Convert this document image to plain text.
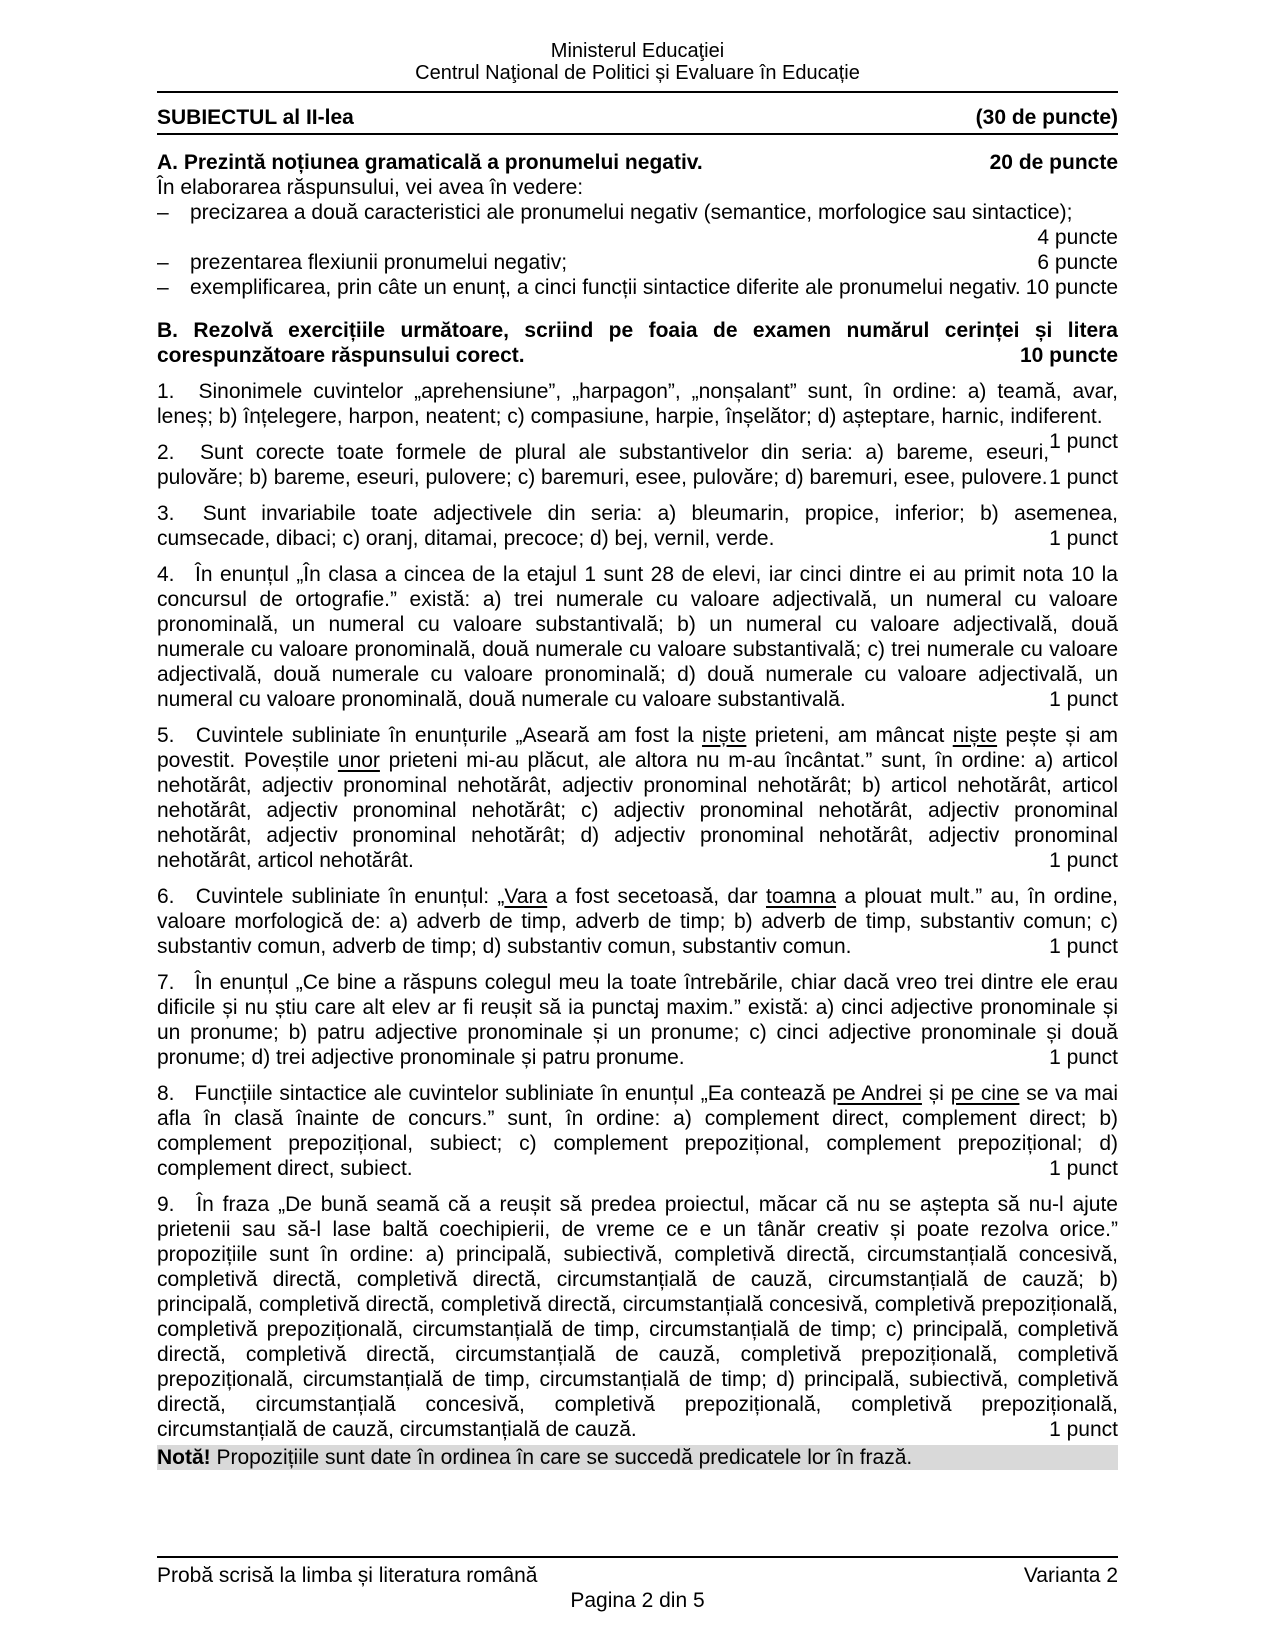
Ministerul Educaţiei
Centrul Naţional de Politici și Evaluare în Educație
SUBIECTUL al II-lea	(30 de puncte)
A. Prezintă noțiunea gramaticală a pronumelui negativ.	20 de puncte
În elaborarea răspunsului, vei avea în vedere:
–	precizarea a două caracteristici ale pronumelui negativ (semantice, morfologice sau sintactice);
4 puncte
–	prezentarea flexiunii pronumelui negativ;	6 puncte
–	exemplificarea, prin câte un enunț, a cinci funcții sintactice diferite ale pronumelui negativ. 10 puncte

B. Rezolvă exercițiile următoare, scriind pe foaia de examen numărul cerinței și litera corespunzătoare răspunsului corect.	10 puncte

1. Sinonimele cuvintelor „aprehensiune”, „harpagon”, „nonșalant” sunt, în ordine: a) teamă, avar, leneș; b) înțelegere, harpon, neatent; c) compasiune, harpie, înșelător; d) așteptare, harnic, indiferent.
1 punct

2. Sunt corecte toate formele de plural ale substantivelor din seria: a) bareme, eseuri, pulovăre; b) bareme, eseuri, pulovere; c) baremuri, esee, pulovăre; d) baremuri, esee, pulovere. 1 punct

3. Sunt invariabile toate adjectivele din seria: a) bleumarin, propice, inferior; b) asemenea, cumsecade, dibaci; c) oranj, ditamai, precoce; d) bej, vernil, verde.	1 punct

4. În enunțul „În clasa a cincea de la etajul 1 sunt 28 de elevi, iar cinci dintre ei au primit nota 10 la concursul de ortografie.” există: a) trei numerale cu valoare adjectivală, un numeral cu valoare pronominală, un numeral cu valoare substantivală; b) un numeral cu valoare adjectivală, două numerale cu valoare pronominală, două numerale cu valoare substantivală; c) trei numerale cu valoare adjectivală, două numerale cu valoare pronominală; d) două numerale cu valoare adjectivală, un numeral cu valoare pronominală, două numerale cu valoare substantivală.	1 punct

5. Cuvintele subliniate în enunțurile „Aseară am fost la niște prieteni, am mâncat niște pește și am povestit. Poveștile unor prieteni mi-au plăcut, ale altora nu m-au încântat.” sunt, în ordine: a) articol nehotărât, adjectiv pronominal nehotărât, adjectiv pronominal nehotărât; b) articol nehotărât, articol nehotărât, adjectiv pronominal nehotărât; c) adjectiv pronominal nehotărât, adjectiv pronominal nehotărât, adjectiv pronominal nehotărât; d) adjectiv pronominal nehotărât, adjectiv pronominal nehotărât, articol nehotărât.	1 punct

6. Cuvintele subliniate în enunțul: „Vara a fost secetoasă, dar toamna a plouat mult.” au, în ordine, valoare morfologică de: a) adverb de timp, adverb de timp; b) adverb de timp, substantiv comun; c) substantiv comun, adverb de timp; d) substantiv comun, substantiv comun.	1 punct

7. În enunțul „Ce bine a răspuns colegul meu la toate întrebările, chiar dacă vreo trei dintre ele erau dificile și nu știu care alt elev ar fi reușit să ia punctaj maxim.” există: a) cinci adjective pronominale și un pronume; b) patru adjective pronominale și un pronume; c) cinci adjective pronominale și două pronume; d) trei adjective pronominale și patru pronume.	1 punct

8. Funcțiile sintactice ale cuvintelor subliniate în enunțul „Ea contează pe Andrei și pe cine se va mai afla în clasă înainte de concurs.” sunt, în ordine: a) complement direct, complement direct; b) complement prepozițional, subiect; c) complement prepozițional, complement prepozițional; d) complement direct, subiect.	1 punct

9. În fraza „De bună seamă că a reușit să predea proiectul, măcar că nu se aștepta să nu-l ajute prietenii sau să-l lase baltă coechipierii, de vreme ce e un tânăr creativ și poate rezolva orice.” propozițiile sunt în ordine: a) principală, subiectivă, completivă directă, circumstanțială concesivă, completivă directă, completivă directă, circumstanțială de cauză, circumstanțială de cauză; b) principală, completivă directă, completivă directă, circumstanțială concesivă, completivă prepozițională, completivă prepozițională, circumstanțială de timp, circumstanțială de timp; c) principală, completivă directă, completivă directă, circumstanțială de cauză, completivă prepozițională, completivă prepozițională, circumstanțială de timp, circumstanțială de timp; d) principală, subiectivă, completivă directă, circumstanțială concesivă, completivă prepozițională, completivă prepozițională, circumstanțială de cauză, circumstanțială de cauză.	1 punct

Notă! Propozițiile sunt date în ordinea în care se succedă predicatele lor în frază.
Probă scrisă la limba și literatura română	Varianta 2
Pagina 2 din 5
